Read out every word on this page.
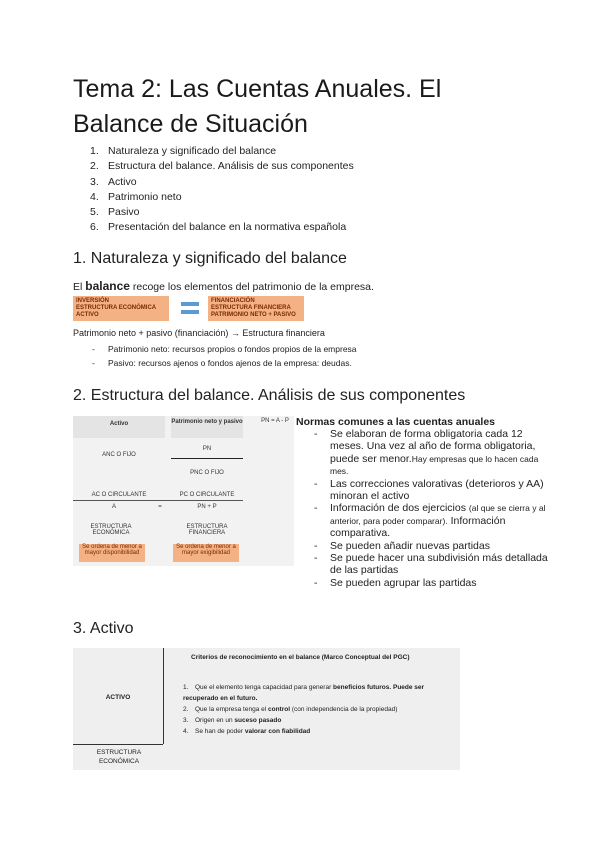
Tema 2: Las Cuentas Anuales. El
Balance de Situación
1. Naturaleza y significado del balance
2. Estructura del balance. Análisis de sus componentes
3. Activo
4. Patrimonio neto
5. Pasivo
6. Presentación del balance en la normativa española
1. Naturaleza y significado del balance
El balance recoge los elementos del patrimonio de la empresa.
INVERSIÓN
ESTRUCTURA ECONÓMICA
ACTIVO
FINANCIACIÓN
ESTRUCTURA FINANCIERA
PATRIMONIO NETO + PASIVO
Patrimonio neto + pasivo (financiación) → Estructura financiera
- Patrimonio neto: recursos propios o fondos propios de la empresa
- Pasivo: recursos ajenos o fondos ajenos de la empresa: deudas.
2. Estructura del balance. Análisis de sus componentes
Activo	Patrimonio neto y pasivo
PN
PN = A - P
ANC O FIJO
PNC O FIJO
AC O CIRCULANTE	PC O CIRCULANTE
A	=	PN + P
ESTRUCTURA ECONÓMICA
ESTRUCTURA FINANCIERA
Se ordena de menor a mayor disponibilidad
Se ordena de menor a mayor exigibilidad
Normas comunes a las cuentas anuales
- Se elaboran de forma obligatoria cada 12 meses. Una vez al año de forma obligatoria, puede ser menor.Hay empresas que lo hacen cada mes.
- Las correcciones valorativas (deterioros y AA) minoran el activo
- Información de dos ejercicios (al que se cierra y al anterior, para poder comparar). Información comparativa.
- Se pueden añadir nuevas partidas
- Se puede hacer una subdivisión más detallada de las partidas
- Se pueden agrupar las partidas
3. Activo
ACTIVO
ESTRUCTURA ECONÓMICA
Criterios de reconocimiento en el balance (Marco Conceptual del PGC)
1. Que el elemento tenga capacidad para generar beneficios futuros. Puede ser recuperado en el futuro.
2. Que la empresa tenga el control (con independencia de la propiedad)
3. Origen en un suceso pasado
4. Se han de poder valorar con fiabilidad
